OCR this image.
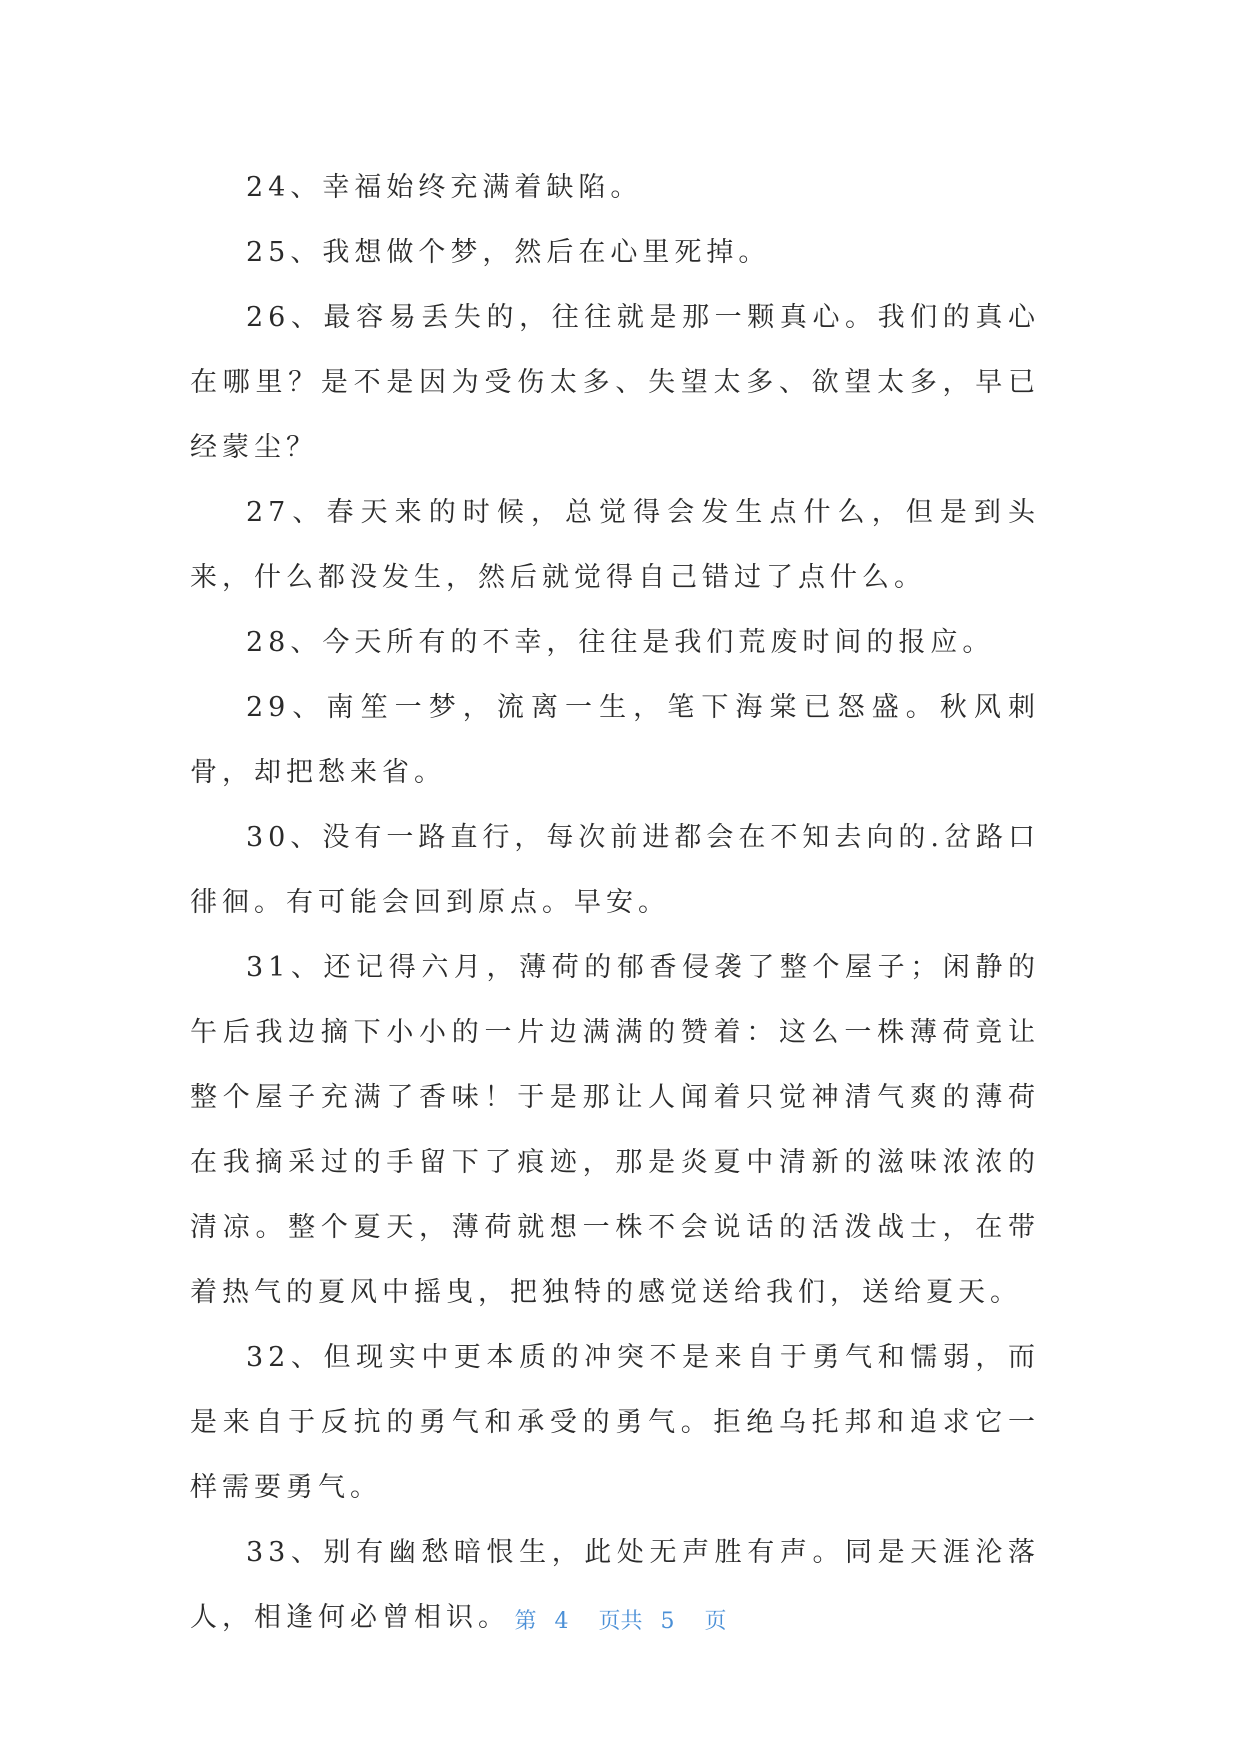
24、幸福始终充满着缺陷。

25、我想做个梦，然后在心里死掉。

26、最容易丢失的，往往就是那一颗真心。我们的真心在哪里？是不是因为受伤太多、失望太多、欲望太多，早已经蒙尘？

27、春天来的时候，总觉得会发生点什么，但是到头来，什么都没发生，然后就觉得自己错过了点什么。

28、今天所有的不幸，往往是我们荒废时间的报应。

29、南笙一梦，流离一生，笔下海棠已怒盛。秋风刺骨，却把愁来省。

30、没有一路直行，每次前进都会在不知去向的.岔路口徘徊。有可能会回到原点。早安。

31、还记得六月，薄荷的郁香侵袭了整个屋子；闲静的午后我边摘下小小的一片边满满的赞着：这么一株薄荷竟让整个屋子充满了香味！于是那让人闻着只觉神清气爽的薄荷在我摘采过的手留下了痕迹，那是炎夏中清新的滋味浓浓的清凉。整个夏天，薄荷就想一株不会说话的活泼战士，在带着热气的夏风中摇曳，把独特的感觉送给我们，送给夏天。

32、但现实中更本质的冲突不是来自于勇气和懦弱，而是来自于反抗的勇气和承受的勇气。拒绝乌托邦和追求它一样需要勇气。

33、别有幽愁暗恨生，此处无声胜有声。同是天涯沦落人，相逢何必曾相识。 第 4 页共 5 页
